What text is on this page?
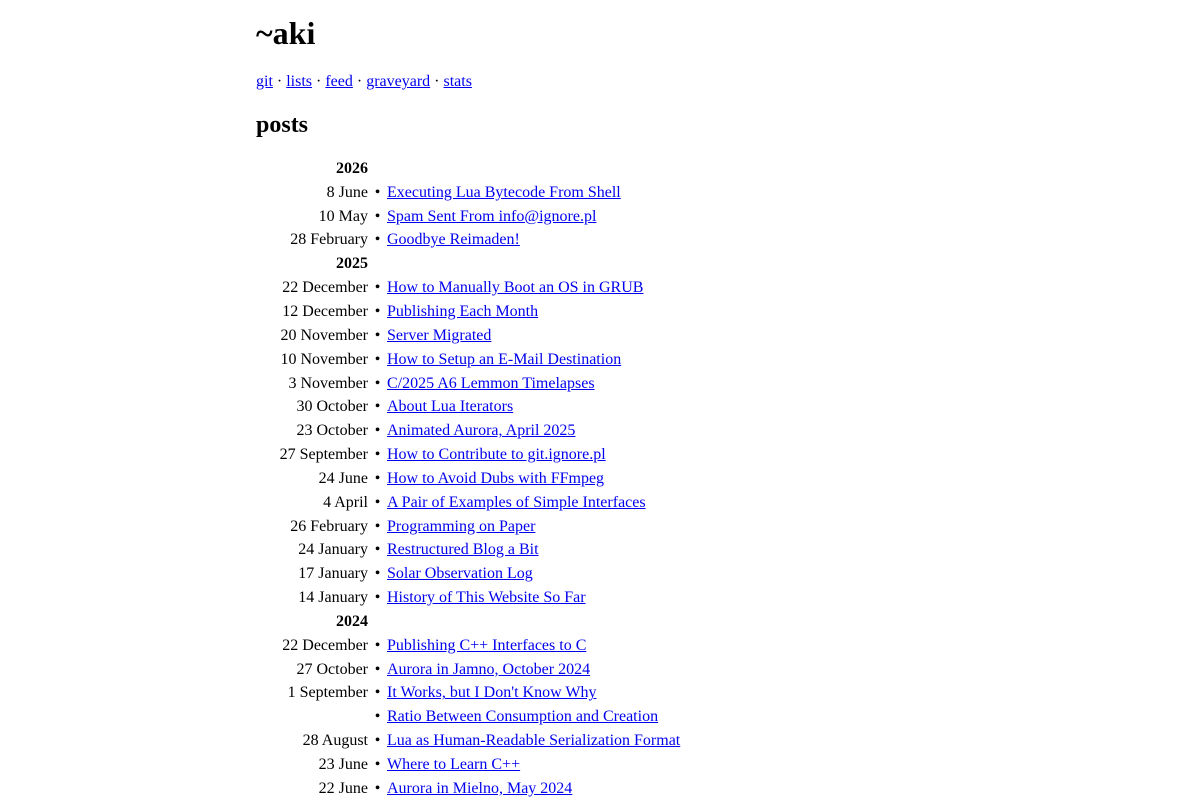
~aki
git · lists · feed · graveyard · stats
posts
2026		
8 June	•	Executing Lua Bytecode From Shell
10 May	•	Spam Sent From info@ignore.pl
28 February	•	Goodbye Reimaden!
2025		
22 December	•	How to Manually Boot an OS in GRUB
12 December	•	Publishing Each Month
20 November	•	Server Migrated
10 November	•	How to Setup an E-Mail Destination
3 November	•	C/2025 A6 Lemmon Timelapses
30 October	•	About Lua Iterators
23 October	•	Animated Aurora, April 2025
27 September	•	How to Contribute to git.ignore.pl
24 June	•	How to Avoid Dubs with FFmpeg
4 April	•	A Pair of Examples of Simple Interfaces
26 February	•	Programming on Paper
24 January	•	Restructured Blog a Bit
17 January	•	Solar Observation Log
14 January	•	History of This Website So Far
2024		
22 December	•	Publishing C++ Interfaces to C
27 October	•	Aurora in Jamno, October 2024
1 September	•	It Works, but I Don't Know Why
	•	Ratio Between Consumption and Creation
28 August	•	Lua as Human-Readable Serialization Format
23 June	•	Where to Learn C++
22 June	•	Aurora in Mielno, May 2024
